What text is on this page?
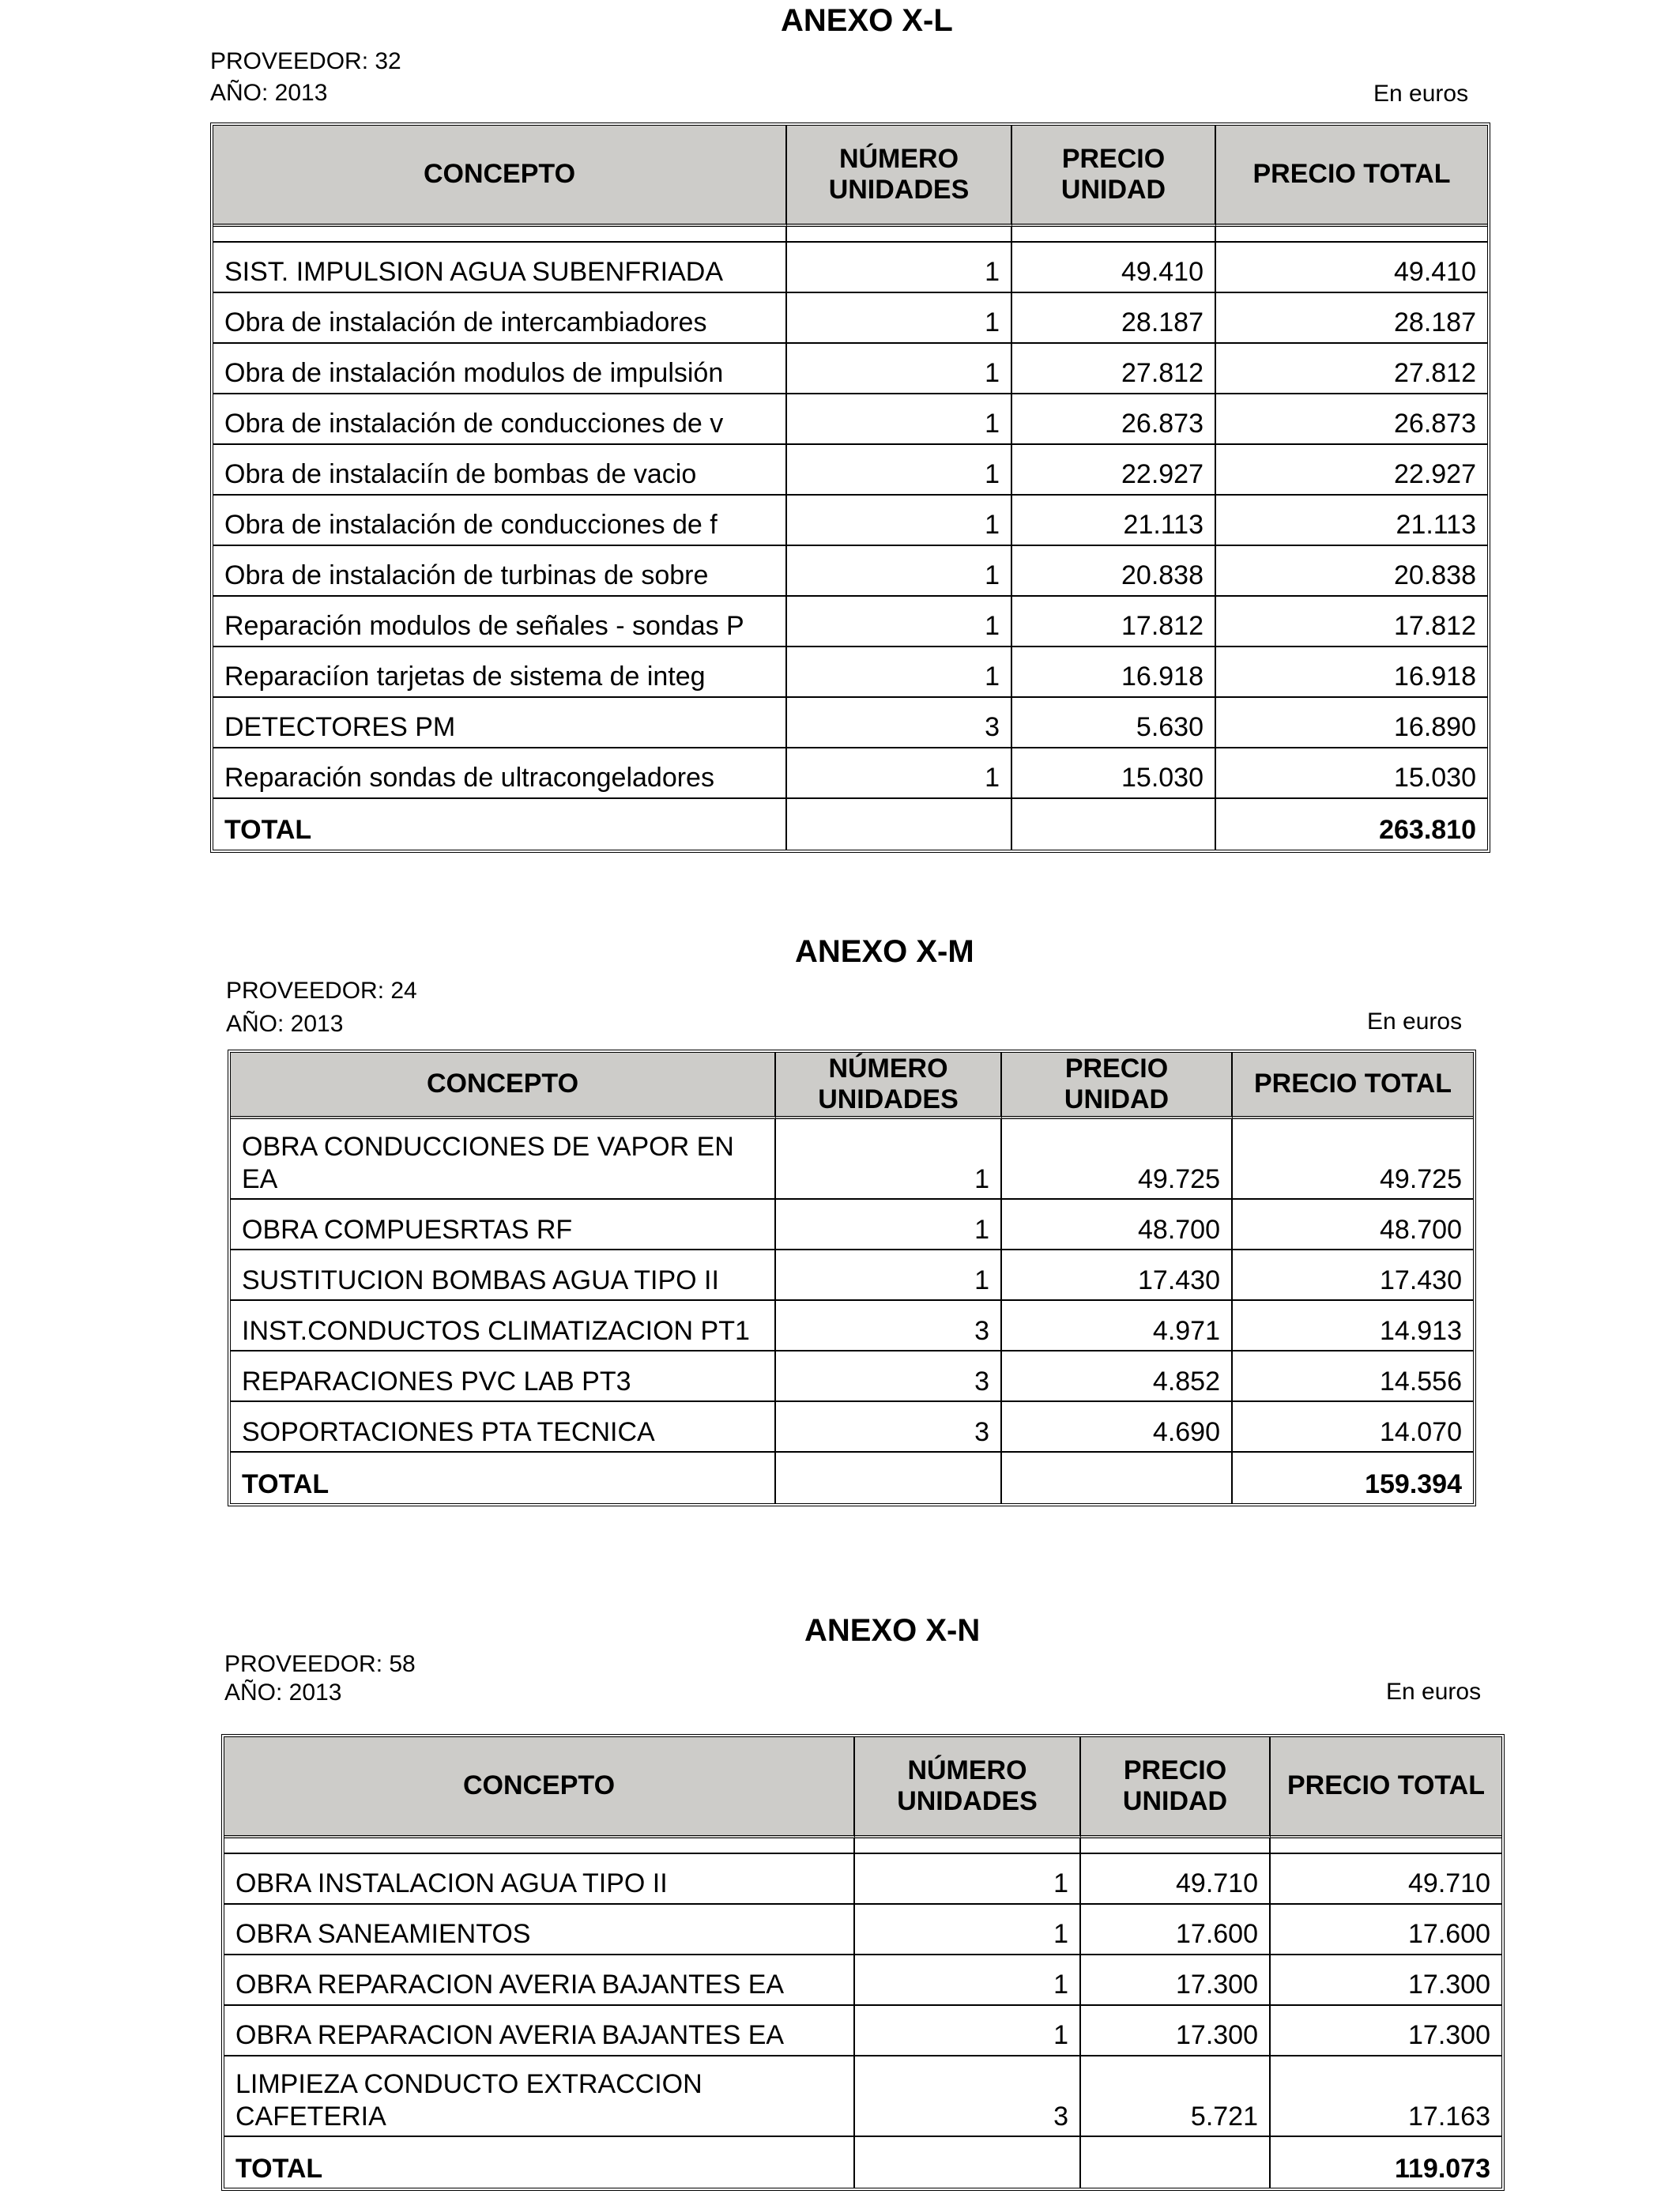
ANEXO X-L
PROVEEDOR: 32
AÑO: 2013	En euros
CONCEPTO	NÚMERO UNIDADES	PRECIO UNIDAD	PRECIO TOTAL

SIST. IMPULSION AGUA SUBENFRIADA	1	49.410	49.410
Obra de instalación de intercambiadores	1	28.187	28.187
Obra de instalación modulos de impulsión	1	27.812	27.812
Obra de instalación de conducciones de v	1	26.873	26.873
Obra de instalaciín de bombas de vacio	1	22.927	22.927
Obra de instalación de conducciones de f	1	21.113	21.113
Obra de instalación de turbinas de sobre	1	20.838	20.838
Reparación modulos de señales - sondas P	1	17.812	17.812
Reparaciíon tarjetas de sistema de integ	1	16.918	16.918
DETECTORES PM	3	5.630	16.890
Reparación sondas de ultracongeladores	1	15.030	15.030
TOTAL			263.810
ANEXO X-M
PROVEEDOR: 24
AÑO: 2013	En euros
CONCEPTO	NÚMERO UNIDADES	PRECIO UNIDAD	PRECIO TOTAL
OBRA CONDUCCIONES DE VAPOR EN EA	1	49.725	49.725
OBRA COMPUESRTAS RF	1	48.700	48.700
SUSTITUCION BOMBAS AGUA TIPO II	1	17.430	17.430
INST.CONDUCTOS CLIMATIZACION PT1	3	4.971	14.913
REPARACIONES PVC LAB PT3	3	4.852	14.556
SOPORTACIONES PTA TECNICA	3	4.690	14.070
TOTAL			159.394
ANEXO X-N
PROVEEDOR: 58
AÑO: 2013	En euros
CONCEPTO	NÚMERO UNIDADES	PRECIO UNIDAD	PRECIO TOTAL

OBRA INSTALACION AGUA TIPO II	1	49.710	49.710
OBRA SANEAMIENTOS	1	17.600	17.600
OBRA REPARACION AVERIA BAJANTES EA	1	17.300	17.300
OBRA REPARACION AVERIA BAJANTES EA	1	17.300	17.300
LIMPIEZA CONDUCTO EXTRACCION CAFETERIA	3	5.721	17.163
TOTAL			119.073
